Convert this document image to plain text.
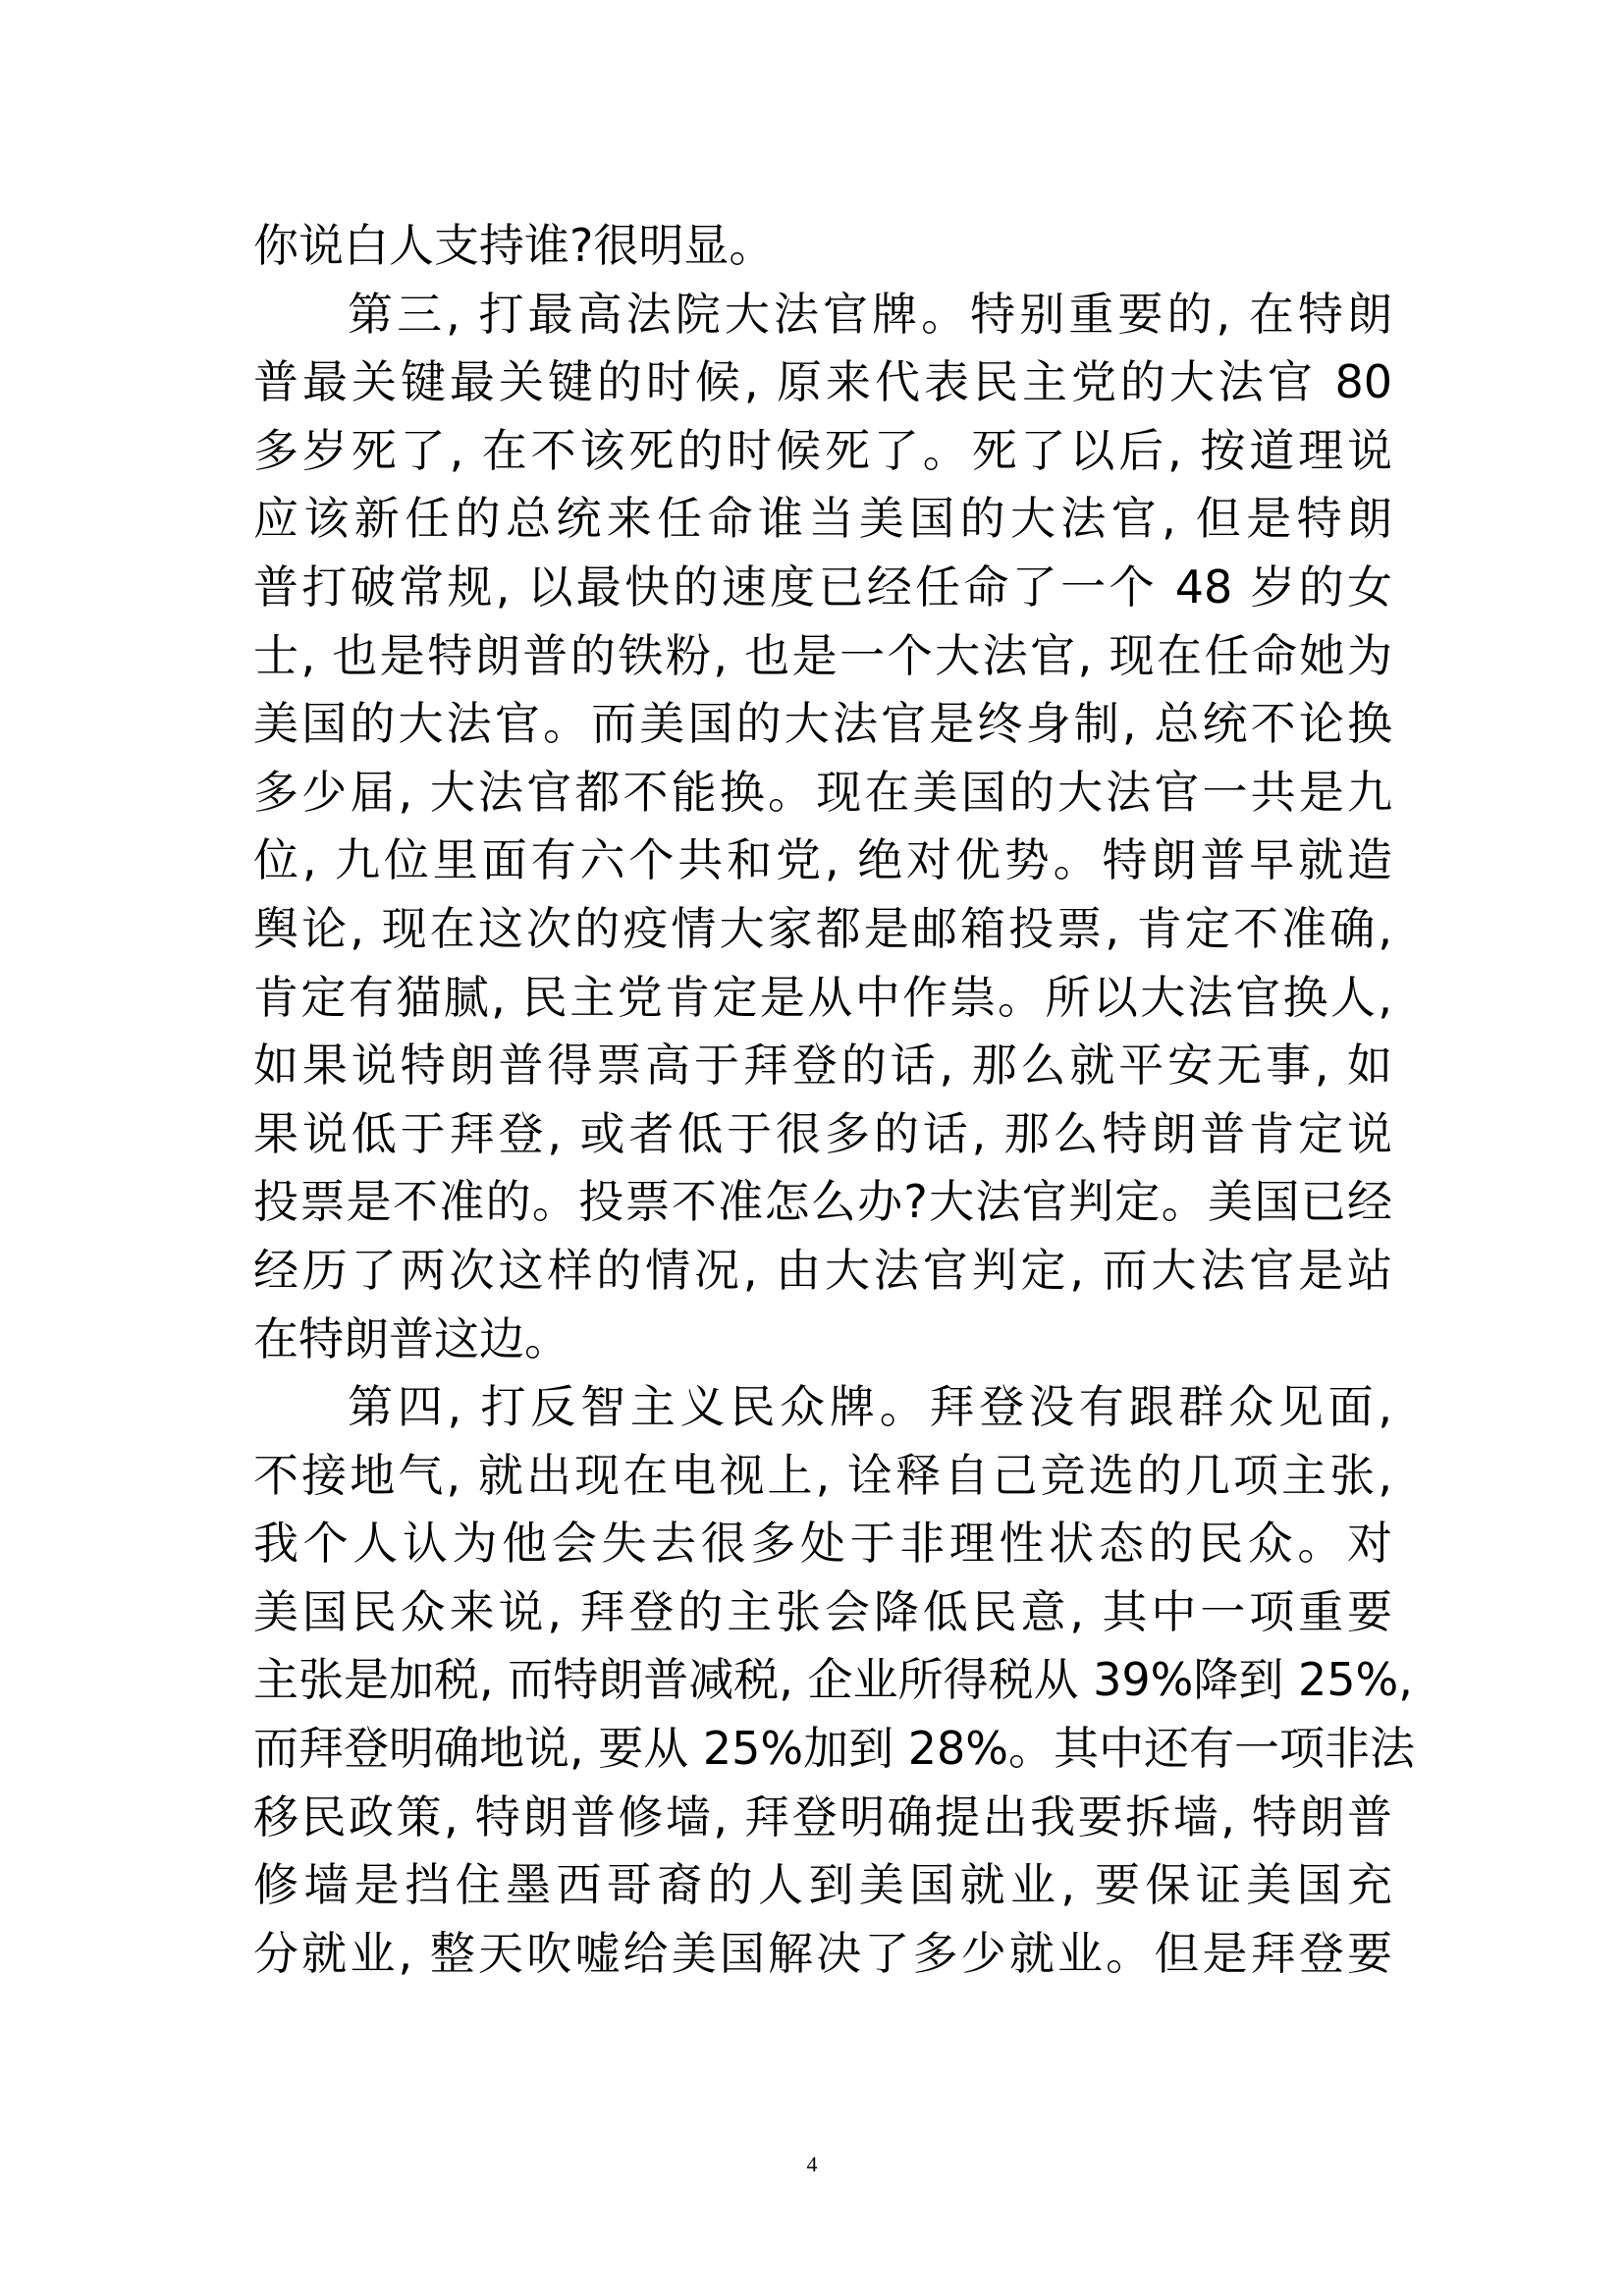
你说白人支持谁?很明显。
第三, 打最高法院大法官牌。特别重要的, 在特朗
普最关键最关键的时候, 原来代表民主党的大法官 80
多岁死了, 在不该死的时候死了。死了以后, 按道理说
应该新任的总统来任命谁当美国的大法官, 但是特朗
普打破常规, 以最快的速度已经任命了一个 48 岁的女
士, 也是特朗普的铁粉, 也是一个大法官, 现在任命她为
美国的大法官。而美国的大法官是终身制, 总统不论换
多少届, 大法官都不能换。现在美国的大法官一共是九
位, 九位里面有六个共和党, 绝对优势。特朗普早就造
舆论, 现在这次的疫情大家都是邮箱投票, 肯定不准确,
肯定有猫腻, 民主党肯定是从中作祟。所以大法官换人,
如果说特朗普得票高于拜登的话, 那么就平安无事, 如
果说低于拜登, 或者低于很多的话, 那么特朗普肯定说
投票是不准的。投票不准怎么办?大法官判定。美国已经
经历了两次这样的情况, 由大法官判定, 而大法官是站
在特朗普这边。
第四, 打反智主义民众牌。拜登没有跟群众见面,
不接地气, 就出现在电视上, 诠释自己竞选的几项主张,
我个人认为他会失去很多处于非理性状态的民众。对
美国民众来说, 拜登的主张会降低民意, 其中一项重要
主张是加税, 而特朗普减税, 企业所得税从 39%降到 25%,
而拜登明确地说, 要从 25%加到 28%。其中还有一项非法
移民政策, 特朗普修墙, 拜登明确提出我要拆墙, 特朗普
修墙是挡住墨西哥裔的人到美国就业, 要保证美国充
分就业, 整天吹嘘给美国解决了多少就业。但是拜登要
4
